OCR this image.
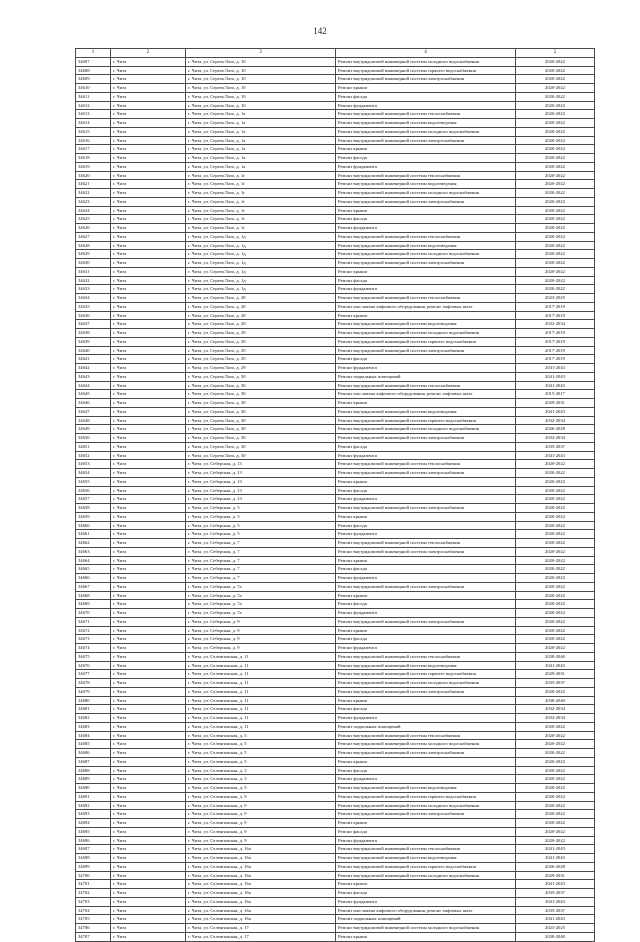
142
1	2	3	4	5
34607	г. Чита	г. Чита, ул. Сергея Лазо, д. 10	Ремонт внутридомовой инженерной системы холодного водоснабжения	2020-2022
34608	г. Чита	г. Чита, ул. Сергея Лазо, д. 10	Ремонт внутридомовой инженерной системы горячего водоснабжения	2020-2022
34609	г. Чита	г. Чита, ул. Сергея Лазо, д. 10	Ремонт внутридомовой инженерной системы электроснабжения	2020-2022
34610	г. Чита	г. Чита, ул. Сергея Лазо, д. 10	Ремонт крыши	2020-2022
34611	г. Чита	г. Чита, ул. Сергея Лазо, д. 10	Ремонт фасада	2020-2022
34612	г. Чита	г. Чита, ул. Сергея Лазо, д. 10	Ремонт фундамента	2020-2022
34613	г. Чита	г. Чита, ул. Сергея Лазо, д. 1а	Ремонт внутридомовой инженерной системы теплоснабжения	2020-2022
34614	г. Чита	г. Чита, ул. Сергея Лазо, д. 1а	Ремонт внутридомовой инженерной системы водоотведения	2020-2022
34615	г. Чита	г. Чита, ул. Сергея Лазо, д. 1а	Ремонт внутридомовой инженерной системы холодного водоснабжения	2020-2022
34616	г. Чита	г. Чита, ул. Сергея Лазо, д. 1а	Ремонт внутридомовой инженерной системы электроснабжения	2020-2022
34617	г. Чита	г. Чита, ул. Сергея Лазо, д. 1а	Ремонт крыши	2020-2022
34618	г. Чита	г. Чита, ул. Сергея Лазо, д. 1а	Ремонт фасада	2020-2022
34619	г. Чита	г. Чита, ул. Сергея Лазо, д. 1а	Ремонт фундамента	2020-2022
34620	г. Чита	г. Чита, ул. Сергея Лазо, д. 1г	Ремонт внутридомовой инженерной системы теплоснабжения	2020-2022
34621	г. Чита	г. Чита, ул. Сергея Лазо, д. 1г	Ремонт внутридомовой инженерной системы водоотведения	2020-2022
34622	г. Чита	г. Чита, ул. Сергея Лазо, д. 1г	Ремонт внутридомовой инженерной системы холодного водоснабжения	2020-2022
34623	г. Чита	г. Чита, ул. Сергея Лазо, д. 1г	Ремонт внутридомовой инженерной системы электроснабжения	2020-2022
34624	г. Чита	г. Чита, ул. Сергея Лазо, д. 1г	Ремонт крыши	2020-2022
34625	г. Чита	г. Чита, ул. Сергея Лазо, д. 1г	Ремонт фасада	2020-2022
34626	г. Чита	г. Чита, ул. Сергея Лазо, д. 1г	Ремонт фундамента	2020-2022
34627	г. Чита	г. Чита, ул. Сергея Лазо, д. 1д	Ремонт внутридомовой инженерной системы теплоснабжения	2020-2022
34628	г. Чита	г. Чита, ул. Сергея Лазо, д. 1д	Ремонт внутридомовой инженерной системы водоотведения	2020-2022
34629	г. Чита	г. Чита, ул. Сергея Лазо, д. 1д	Ремонт внутридомовой инженерной системы холодного водоснабжения	2020-2022
34630	г. Чита	г. Чита, ул. Сергея Лазо, д. 1д	Ремонт внутридомовой инженерной системы электроснабжения	2020-2022
34631	г. Чита	г. Чита, ул. Сергея Лазо, д. 1д	Ремонт крыши	2020-2022
34632	г. Чита	г. Чита, ул. Сергея Лазо, д. 1д	Ремонт фасада	2020-2022
34633	г. Чита	г. Чита, ул. Сергея Лазо, д. 1д	Ремонт фундамента	2020-2022
34634	г. Чита	г. Чита, ул. Сергея Лазо, д. 28	Ремонт внутридомовой инженерной системы теплоснабжения	2023-2025
34635	г. Чита	г. Чита, ул. Сергея Лазо, д. 28	Ремонт или замена лифтового оборудования, ремонт лифтовых шахт	2017-2019
34636	г. Чита	г. Чита, ул. Сергея Лазо, д. 28	Ремонт крыши	2017-2019
34637	г. Чита	г. Чита, ул. Сергея Лазо, д. 29	Ремонт внутридомовой инженерной системы водоотведения	2032-2034
34638	г. Чита	г. Чита, ул. Сергея Лазо, д. 29	Ремонт внутридомовой инженерной системы холодного водоснабжения	2017-2019
34639	г. Чита	г. Чита, ул. Сергея Лазо, д. 29	Ремонт внутридомовой инженерной системы горячего водоснабжения	2017-2019
34640	г. Чита	г. Чита, ул. Сергея Лазо, д. 29	Ремонт внутридомовой инженерной системы электроснабжения	2017-2019
34641	г. Чита	г. Чита, ул. Сергея Лазо, д. 29	Ремонт фасада	2017-2019
34642	г. Чита	г. Чита, ул. Сергея Лазо, д. 29	Ремонт фундамента	2041-2043
34643	г. Чита	г. Чита, ул. Сергея Лазо, д. 30	Ремонт подвальных помещений	2041-2043
34644	г. Чита	г. Чита, ул. Сергея Лазо, д. 30	Ремонт внутридомовой инженерной системы теплоснабжения	2041-2043
34645	г. Чита	г. Чита, ул. Сергея Лазо, д. 30	Ремонт или замена лифтового оборудования, ремонт лифтовых шахт	2015-2017
34646	г. Чита	г. Чита, ул. Сергея Лазо, д. 30	Ремонт крыши	2029-2031
34647	г. Чита	г. Чита, ул. Сергея Лазо, д. 30	Ремонт внутридомовой инженерной системы водоотведения	2041-2043
34648	г. Чита	г. Чита, ул. Сергея Лазо, д. 30	Ремонт внутридомовой инженерной системы горячего водоснабжения	2032-2034
34649	г. Чита	г. Чита, ул. Сергея Лазо, д. 30	Ремонт внутридомовой инженерной системы холодного водоснабжения	2026-2028
34650	г. Чита	г. Чита, ул. Сергея Лазо, д. 30	Ремонт внутридомовой инженерной системы электроснабжения	2032-2034
34651	г. Чита	г. Чита, ул. Сергея Лазо, д. 30	Ремонт фасада	2035-2037
34652	г. Чита	г. Чита, ул. Сергея Лазо, д. 30	Ремонт фундамента	2041-2043
34653	г. Чита	г. Чита, ул. Себерская, д. 13	Ремонт внутридомовой инженерной системы теплоснабжения	2020-2022
34654	г. Чита	г. Чита, ул. Себерская, д. 13	Ремонт внутридомовой инженерной системы электроснабжения	2020-2022
34655	г. Чита	г. Чита, ул. Себерская, д. 13	Ремонт крыши	2020-2022
34656	г. Чита	г. Чита, ул. Себерская, д. 13	Ремонт фасада	2020-2022
34657	г. Чита	г. Чита, ул. Себерская, д. 13	Ремонт фундамента	2020-2022
34658	г. Чита	г. Чита, ул. Себерская, д. 5	Ремонт внутридомовой инженерной системы электроснабжения	2020-2022
34659	г. Чита	г. Чита, ул. Себерская, д. 5	Ремонт крыши	2020-2022
34660	г. Чита	г. Чита, ул. Себерская, д. 5	Ремонт фасада	2020-2022
34661	г. Чита	г. Чита, ул. Себерская, д. 5	Ремонт фундамента	2020-2022
34662	г. Чита	г. Чита, ул. Себерская, д. 7	Ремонт внутридомовой инженерной системы теплоснабжения	2020-2022
34663	г. Чита	г. Чита, ул. Себерская, д. 7	Ремонт внутридомовой инженерной системы электроснабжения	2020-2022
34664	г. Чита	г. Чита, ул. Себерская, д. 7	Ремонт крыши	2020-2022
34665	г. Чита	г. Чита, ул. Себерская, д. 7	Ремонт фасада	2020-2022
34666	г. Чита	г. Чита, ул. Себерская, д. 7	Ремонт фундамента	2020-2022
34667	г. Чита	г. Чита, ул. Себерская, д. 7а	Ремонт внутридомовой инженерной системы электроснабжения	2020-2022
34668	г. Чита	г. Чита, ул. Себерская, д. 7а	Ремонт крыши	2020-2022
34669	г. Чита	г. Чита, ул. Себерская, д. 7а	Ремонт фасада	2020-2022
34670	г. Чита	г. Чита, ул. Себерская, д. 7а	Ремонт фундамента	2020-2022
34671	г. Чита	г. Чита, ул. Себерская, д. 9	Ремонт внутридомовой инженерной системы электроснабжения	2020-2022
34672	г. Чита	г. Чита, ул. Себерская, д. 9	Ремонт крыши	2020-2022
34673	г. Чита	г. Чита, ул. Себерская, д. 9	Ремонт фасада	2020-2022
34674	г. Чита	г. Чита, ул. Себерская, д. 9	Ремонт фундамента	2020-2022
34675	г. Чита	г. Чита, ул. Селенгинская, д. 11	Ремонт внутридомовой инженерной системы теплоснабжения	2038-2040
34676	г. Чита	г. Чита, ул. Селенгинская, д. 11	Ремонт внутридомовой инженерной системы водоотведения	2041-2043
34677	г. Чита	г. Чита, ул. Селенгинская, д. 11	Ремонт внутридомовой инженерной системы горячего водоснабжения	2029-2031
34678	г. Чита	г. Чита, ул. Селенгинская, д. 11	Ремонт внутридомовой инженерной системы холодного водоснабжения	2035-2037
34679	г. Чита	г. Чита, ул. Селенгинская, д. 11	Ремонт внутридомовой инженерной системы электроснабжения	2020-2022
34680	г. Чита	г. Чита, ул. Селенгинская, д. 11	Ремонт крыши	2038-2040
34681	г. Чита	г. Чита, ул. Селенгинская, д. 11	Ремонт фасада	2032-2034
34682	г. Чита	г. Чита, ул. Селенгинская, д. 11	Ремонт фундамента	2032-2034
34683	г. Чита	г. Чита, ул. Селенгинская, д. 11	Ремонт подвальных помещений	2020-2022
34684	г. Чита	г. Чита, ул. Селенгинская, д. 5	Ремонт внутридомовой инженерной системы теплоснабжения	2020-2022
34685	г. Чита	г. Чита, ул. Селенгинская, д. 5	Ремонт внутридомовой инженерной системы холодного водоснабжения	2020-2022
34686	г. Чита	г. Чита, ул. Селенгинская, д. 5	Ремонт внутридомовой инженерной системы электроснабжения	2020-2022
34687	г. Чита	г. Чита, ул. Селенгинская, д. 5	Ремонт крыши	2020-2022
34688	г. Чита	г. Чита, ул. Селенгинская, д. 5	Ремонт фасада	2020-2022
34689	г. Чита	г. Чита, ул. Селенгинская, д. 5	Ремонт фундамента	2020-2022
34690	г. Чита	г. Чита, ул. Селенгинская, д. 5	Ремонт внутридомовой инженерной системы водоотведения	2020-2022
34691	г. Чита	г. Чита, ул. Селенгинская, д. 9	Ремонт внутридомовой инженерной системы горячего водоснабжения	2020-2022
34692	г. Чита	г. Чита, ул. Селенгинская, д. 9	Ремонт внутридомовой инженерной системы холодного водоснабжения	2020-2022
34693	г. Чита	г. Чита, ул. Селенгинская, д. 9	Ремонт внутридомовой инженерной системы электроснабжения	2020-2022
34694	г. Чита	г. Чита, ул. Селенгинская, д. 9	Ремонт крыши	2020-2022
34695	г. Чита	г. Чита, ул. Селенгинская, д. 9	Ремонт фасада	2020-2022
34696	г. Чита	г. Чита, ул. Селенгинская, д. 9	Ремонт фундамента	2020-2022
34697	г. Чита	г. Чита, ул. Селенгинская, д. 16а	Ремонт внутридомовой инженерной системы теплоснабжения	2041-2043
34698	г. Чита	г. Чита, ул. Селенгинская, д. 16а	Ремонт внутридомовой инженерной системы водоотведения	2041-2043
34699	г. Чита	г. Чита, ул. Селенгинская, д. 16а	Ремонт внутридомовой инженерной системы горячего водоснабжения	2026-2028
34700	г. Чита	г. Чита, ул. Селенгинская, д. 16а	Ремонт внутридомовой инженерной системы холодного водоснабжения	2029-2031
34701	г. Чита	г. Чита, ул. Селенгинская, д. 16а	Ремонт крыши	2041-2043
34702	г. Чита	г. Чита, ул. Селенгинская, д. 16а	Ремонт фасада	2035-2037
34703	г. Чита	г. Чита, ул. Селенгинская, д. 16а	Ремонт фундамента	2041-2043
34704	г. Чита	г. Чита, ул. Селенгинская, д. 16а	Ремонт или замена лифтового оборудования, ремонт лифтовых шахт	2035-2037
34705	г. Чита	г. Чита, ул. Селенгинская, д. 16а	Ремонт подвальных помещений	2041-2043
34706	г. Чита	г. Чита, ул. Селенгинская, д. 17	Ремонт внутридомовой инженерной системы холодного водоснабжения	2023-2025
34707	г. Чита	г. Чита, ул. Селенгинская, д. 17	Ремонт крыши	2038-2040
